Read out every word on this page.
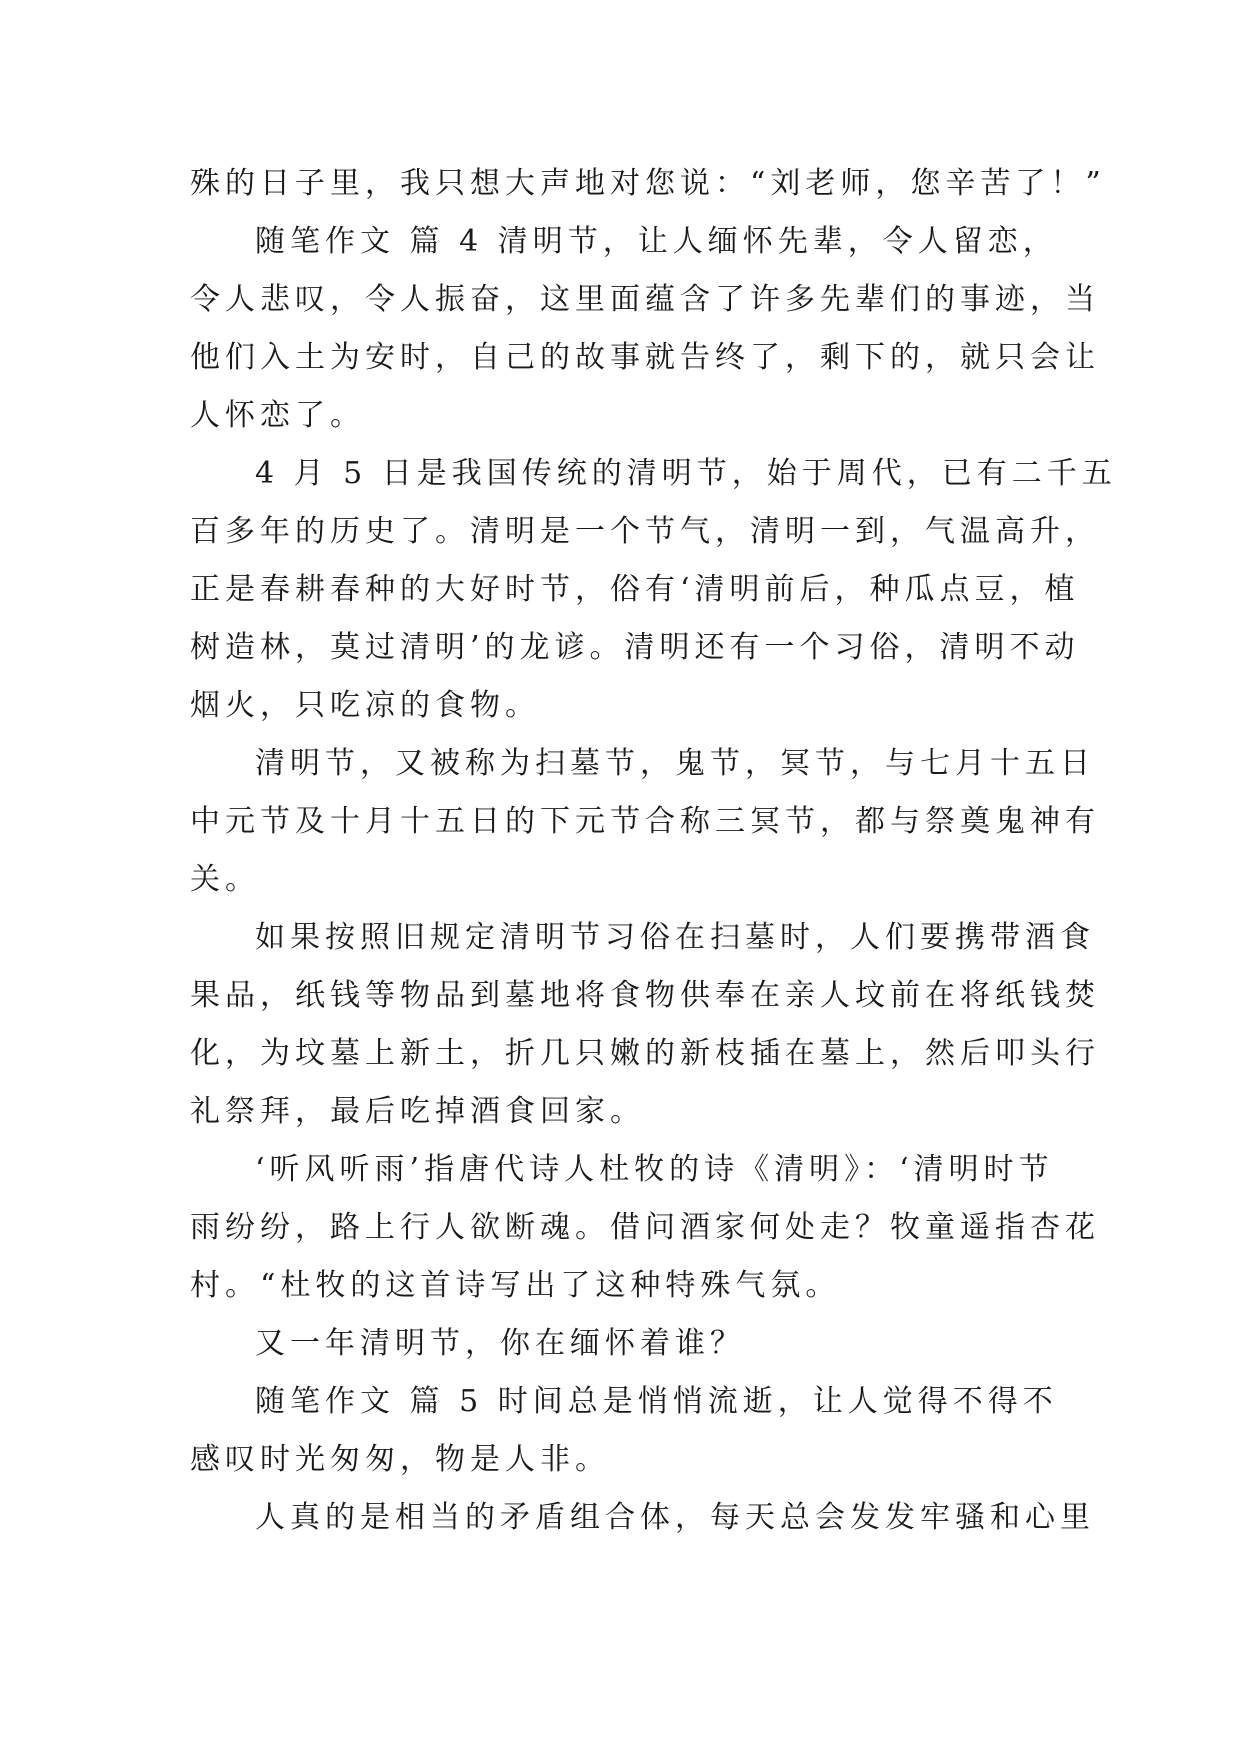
殊的日子里，我只想大声地对您说：“刘老师，您辛苦了！”
随笔作文 篇 4 清明节，让人缅怀先辈，令人留恋，
令人悲叹，令人振奋，这里面蕴含了许多先辈们的事迹，当
他们入土为安时，自己的故事就告终了，剩下的，就只会让
人怀恋了。
4 月 5 日是我国传统的清明节，始于周代，已有二千五
百多年的历史了。清明是一个节气，清明一到，气温高升，
正是春耕春种的大好时节，俗有‘清明前后，种瓜点豆，植
树造林，莫过清明’的龙谚。清明还有一个习俗，清明不动
烟火，只吃凉的食物。
清明节，又被称为扫墓节，鬼节，冥节，与七月十五日
中元节及十月十五日的下元节合称三冥节，都与祭奠鬼神有
关。
如果按照旧规定清明节习俗在扫墓时，人们要携带酒食
果品，纸钱等物品到墓地将食物供奉在亲人坟前在将纸钱焚
化，为坟墓上新土，折几只嫩的新枝插在墓上，然后叩头行
礼祭拜，最后吃掉酒食回家。
‘听风听雨’指唐代诗人杜牧的诗《清明》：‘清明时节
雨纷纷，路上行人欲断魂。借问酒家何处走？牧童遥指杏花
村。“杜牧的这首诗写出了这种特殊气氛。
又一年清明节，你在缅怀着谁？
随笔作文 篇 5 时间总是悄悄流逝，让人觉得不得不
感叹时光匆匆，物是人非。
人真的是相当的矛盾组合体，每天总会发发牢骚和心里
